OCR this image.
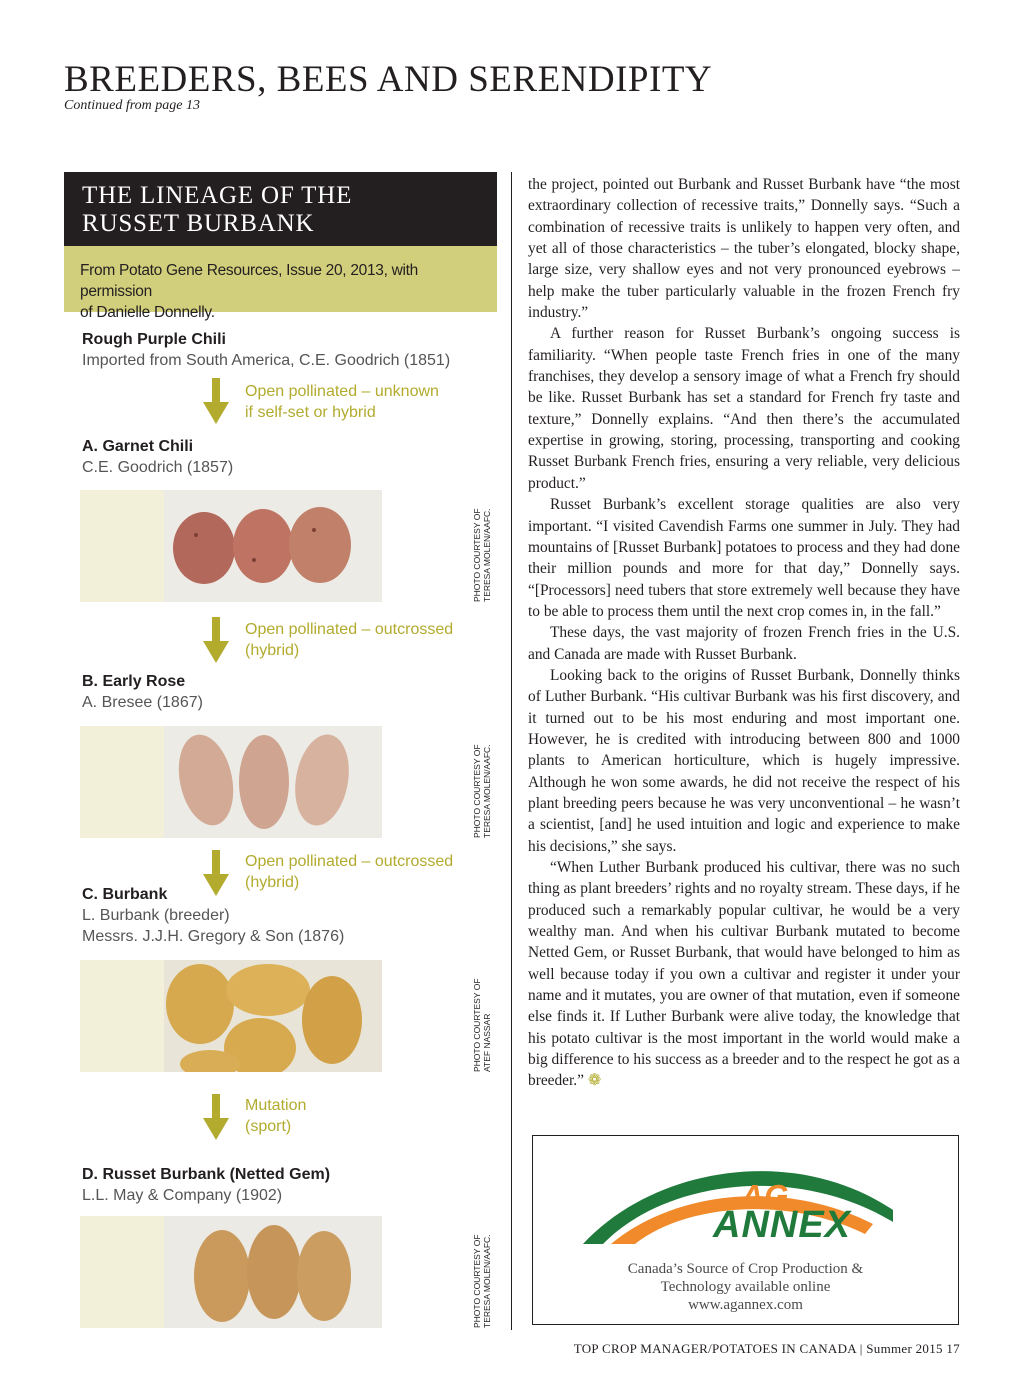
BREEDERS, BEES AND SERENDIPITY
Continued from page 13
THE LINEAGE OF THE
RUSSET BURBANK
From Potato Gene Resources, Issue 20, 2013, with permission
of Danielle Donnelly.
Rough Purple Chili
Imported from South America, C.E. Goodrich (1851)
Open pollinated – unknown
if self-set or hybrid
A. Garnet Chili
C.E. Goodrich (1857)
PHOTO COURTESY OF TERESA MOLEN/AAFC.
Open pollinated – outcrossed
(hybrid)
B. Early Rose
A. Bresee (1867)
PHOTO COURTESY OF TERESA MOLEN/AAFC.
Open pollinated – outcrossed
(hybrid)
C. Burbank
L. Burbank (breeder)
Messrs. J.J.H. Gregory & Son (1876)
PHOTO COURTESY OF ATEF NASSAR
Mutation
(sport)
D. Russet Burbank (Netted Gem)
L.L. May & Company (1902)
PHOTO COURTESY OF TERESA MOLEN/AAFC.

the project, pointed out Burbank and Russet Burbank have “the most extraordinary collection of recessive traits,” Donnelly says. “Such a combination of recessive traits is unlikely to happen very often, and yet all of those characteristics – the tuber’s elongated, blocky shape, large size, very shallow eyes and not very pronounced eyebrows – help make the tuber particularly valuable in the frozen French fry industry.”

A further reason for Russet Burbank’s ongoing success is familiarity. “When people taste French fries in one of the many franchises, they develop a sensory image of what a French fry should be like. Russet Burbank has set a standard for French fry taste and texture,” Donnelly explains. “And then there’s the accumulated expertise in growing, storing, processing, transporting and cooking Russet Burbank French fries, ensuring a very reliable, very delicious product.”

Russet Burbank’s excellent storage qualities are also very important. “I visited Cavendish Farms one summer in July. They had mountains of [Russet Burbank] potatoes to process and they had done their million pounds and more for that day,” Donnelly says. “[Processors] need tubers that store extremely well because they have to be able to process them until the next crop comes in, in the fall.”

These days, the vast majority of frozen French fries in the U.S. and Canada are made with Russet Burbank.

Looking back to the origins of Russet Burbank, Donnelly thinks of Luther Burbank. “His cultivar Burbank was his first discovery, and it turned out to be his most enduring and most important one. However, he is credited with introducing between 800 and 1000 plants to American horticulture, which is hugely impressive. Although he won some awards, he did not receive the respect of his plant breeding peers because he was very unconventional – he wasn’t a scientist, [and] he used intuition and logic and experience to make his decisions,” she says.

“When Luther Burbank produced his cultivar, there was no such thing as plant breeders’ rights and no royalty stream. These days, if he produced such a remarkably popular cultivar, he would be a very wealthy man. And when his cultivar Burbank mutated to become Netted Gem, or Russet Burbank, that would have belonged to him as well because today if you own a cultivar and register it under your name and it mutates, you are owner of that mutation, even if someone else finds it. If Luther Burbank were alive today, the knowledge that his potato cultivar is the most important in the world would make a big difference to his success as a breeder and to the respect he got as a breeder.” ❁

AG
ANNEX
Canada’s Source of Crop Production &
Technology available online
www.agannex.com
TOP CROP MANAGER/POTATOES IN CANADA | Summer 2015 17
